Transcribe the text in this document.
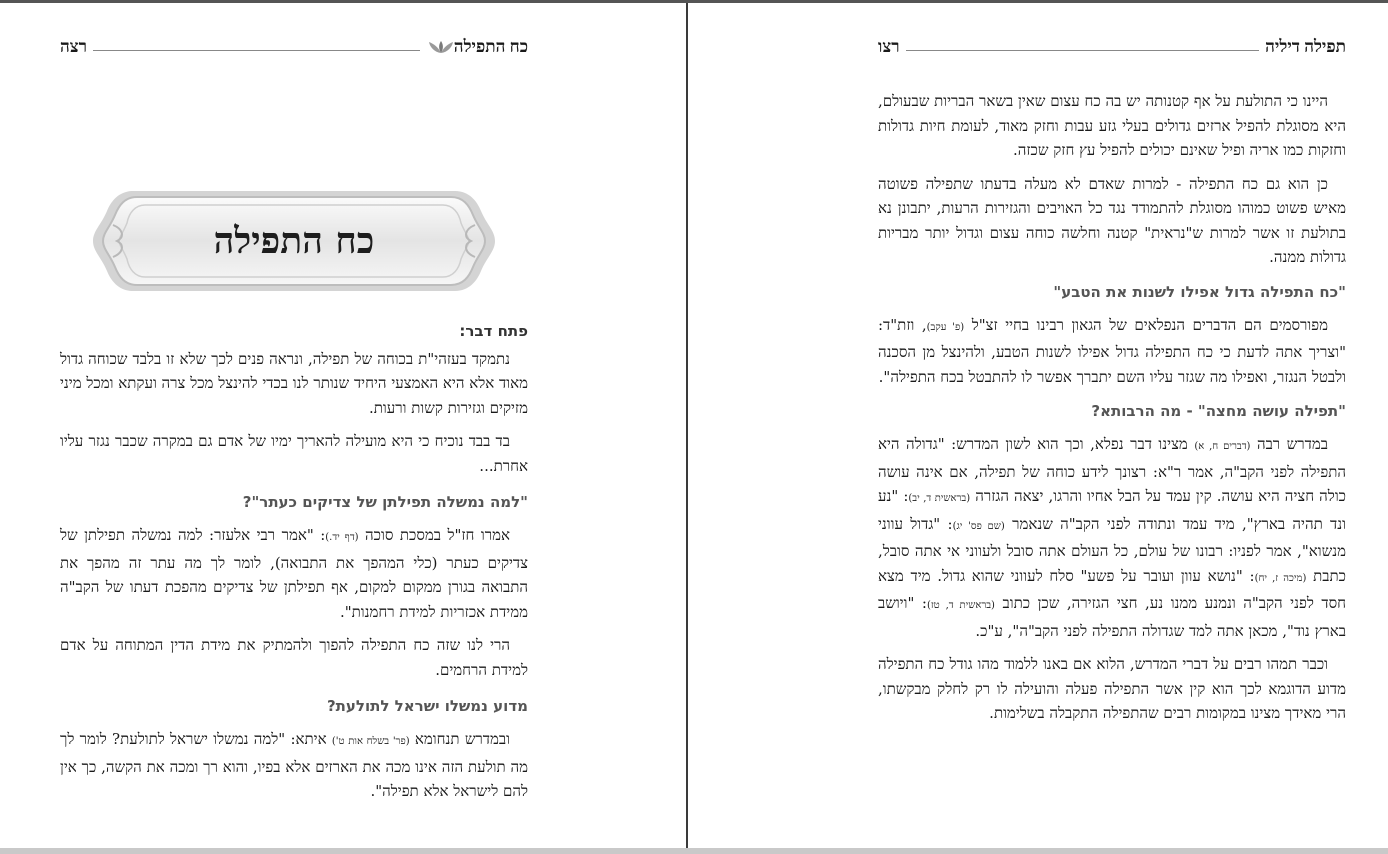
כח התפילה
רצה
כח התפילה
פתח דבר:

נתמקד בעזהי"ת בכוחה של תפילה, ונראה פנים לכך שלא זו בלבד שכוחה גדול מאוד אלא היא האמצעי היחיד שנותר לנו בכדי להינצל מכל צרה ועקתא ומכל מיני מזיקים וגזירות קשות ורעות.

בד בבד נוכיח כי היא מועילה להאריך ימיו של אדם גם במקרה שכבר נגזר עליו אחרת...

"למה נמשלה תפילתן של צדיקים כעתר"?

אמרו חז"ל במסכת סוכה (דף יד.): "אמר רבי אלעזר: למה נמשלה תפילתן של צדיקים כעתר (כלי המהפך את התבואה), לומר לך מה עתר זה מהפך את התבואה בגורן ממקום למקום, אף תפילתן של צדיקים מהפכת דעתו של הקב"ה ממידת אכזריות למידת רחמנות".

הרי לנו שזה כח התפילה להפוך ולהמתיק את מידת הדין המתוחה על אדם למידת הרחמים.

מדוע נמשלו ישראל לתולעת?

ובמדרש תנחומא (פר' בשלח אות ט') איתא: "למה נמשלו ישראל לתולעת? לומר לך מה תולעת הזה אינו מכה את הארזים אלא בפיו, והוא רך ומכה את הקשה, כך אין להם לישראל אלא תפילה".

תפילה דיליה
רצו

היינו כי התולעת על אף קטנותה יש בה כח עצום שאין בשאר הבריות שבעולם, היא מסוגלת להפיל ארזים גדולים בעלי גזע עבות וחזק מאוד, לעומת חיות גדולות וחזקות כמו אריה ופיל שאינם יכולים להפיל עץ חזק שכזה.

כן הוא גם כח התפילה - למרות שאדם לא מעלה בדעתו שתפילה פשוטה מאיש פשוט כמוהו מסוגלת להתמודד נגד כל האויבים והגזירות הרעות, יתבונן נא בתולעת זו אשר למרות ש"נראית" קטנה וחלשה כוחה עצום וגדול יותר מבריות גדולות ממנה.

"כח התפילה גדול אפילו לשנות את הטבע"

מפורסמים הם הדברים הנפלאים של הגאון רבינו בחיי זצ"ל (פ' עקב), וזת"ד: "וצריך אתה לדעת כי כח התפילה גדול אפילו לשנות הטבע, ולהינצל מן הסכנה ולבטל הנגזר, ואפילו מה שגזר עליו השם יתברך אפשר לו להתבטל בכח התפילה".

"תפילה עושה מחצה" - מה הרבותא?

במדרש רבה (דברים ח, א) מצינו דבר נפלא, וכך הוא לשון המדרש: "גדולה היא התפילה לפני הקב"ה, אמר ר"א: רצונך לידע כוחה של תפילה, אם אינה עושה כולה חציה היא עושה. קין עמד על הבל אחיו והרגו, יצאה הגזרה (בראשית ד, יב): "נע ונד תהיה בארץ", מיד עמד ונתודה לפני הקב"ה שנאמר (שם פס' יג): "גדול עווני מנשוא", אמר לפניו: רבונו של עולם, כל העולם אתה סובל ולעווני אי אתה סובל, כתבת (מיכה ז, יח): "נושא עוון ועובר על פשע" סלח לעווני שהוא גדול. מיד מצא חסד לפני הקב"ה ונמנע ממנו נע, חצי הגזירה, שכן כתוב (בראשית ד, טז): "ויושב בארץ נוד", מכאן אתה למד שגדולה התפילה לפני הקב"ה", ע"כ.

וכבר תמהו רבים על דברי המדרש, הלוא אם באנו ללמוד מהו גודל כח התפילה מדוע הדוגמא לכך הוא קין אשר התפילה פעלה והועילה לו רק לחלק מבקשתו, הרי מאידך מצינו במקומות רבים שהתפילה התקבלה בשלימות.
